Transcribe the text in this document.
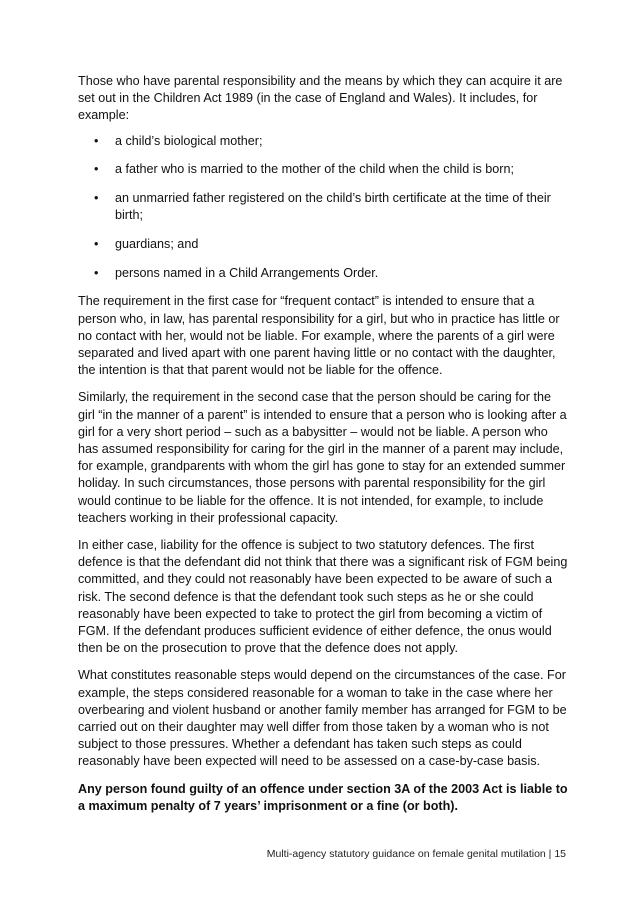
Those who have parental responsibility and the means by which they can acquire it are set out in the Children Act 1989 (in the case of England and Wales). It includes, for example:

• a child’s biological mother;
• a father who is married to the mother of the child when the child is born;
• an unmarried father registered on the child’s birth certificate at the time of their birth;
• guardians; and
• persons named in a Child Arrangements Order.

The requirement in the first case for “frequent contact” is intended to ensure that a person who, in law, has parental responsibility for a girl, but who in practice has little or no contact with her, would not be liable. For example, where the parents of a girl were separated and lived apart with one parent having little or no contact with the daughter, the intention is that that parent would not be liable for the offence.

Similarly, the requirement in the second case that the person should be caring for the girl “in the manner of a parent” is intended to ensure that a person who is looking after a girl for a very short period – such as a babysitter – would not be liable. A person who has assumed responsibility for caring for the girl in the manner of a parent may include, for example, grandparents with whom the girl has gone to stay for an extended summer holiday. In such circumstances, those persons with parental responsibility for the girl would continue to be liable for the offence. It is not intended, for example, to include teachers working in their professional capacity.

In either case, liability for the offence is subject to two statutory defences. The first defence is that the defendant did not think that there was a significant risk of FGM being committed, and they could not reasonably have been expected to be aware of such a risk. The second defence is that the defendant took such steps as he or she could reasonably have been expected to take to protect the girl from becoming a victim of FGM. If the defendant produces sufficient evidence of either defence, the onus would then be on the prosecution to prove that the defence does not apply.

What constitutes reasonable steps would depend on the circumstances of the case. For example, the steps considered reasonable for a woman to take in the case where her overbearing and violent husband or another family member has arranged for FGM to be carried out on their daughter may well differ from those taken by a woman who is not subject to those pressures. Whether a defendant has taken such steps as could reasonably have been expected will need to be assessed on a case-by-case basis.

Any person found guilty of an offence under section 3A of the 2003 Act is liable to a maximum penalty of 7 years’ imprisonment or a fine (or both).

Multi-agency statutory guidance on female genital mutilation | 15
